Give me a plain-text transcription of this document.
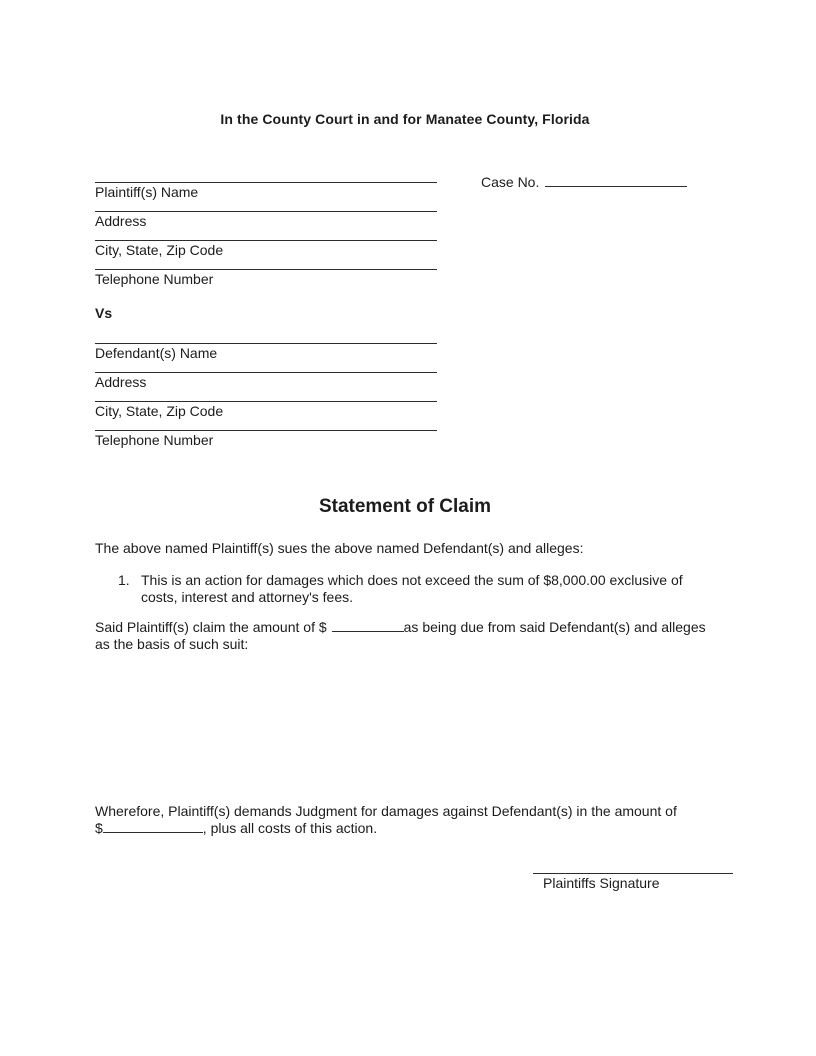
In the County Court in and for Manatee County, Florida
Plaintiff(s) Name
Address
City, State, Zip Code
Telephone Number
Case No.
Vs
Defendant(s) Name
Address
City, State, Zip Code
Telephone Number
Statement of Claim
The above named Plaintiff(s) sues the above named Defendant(s) and alleges:
1. This is an action for damages which does not exceed the sum of $8,000.00 exclusive of costs, interest and attorney's fees.
Said Plaintiff(s) claim the amount of $	as being due from said Defendant(s) and alleges
as the basis of such suit:
Wherefore, Plaintiff(s) demands Judgment for damages against Defendant(s) in the amount of
$	, plus all costs of this action.
Plaintiffs Signature
